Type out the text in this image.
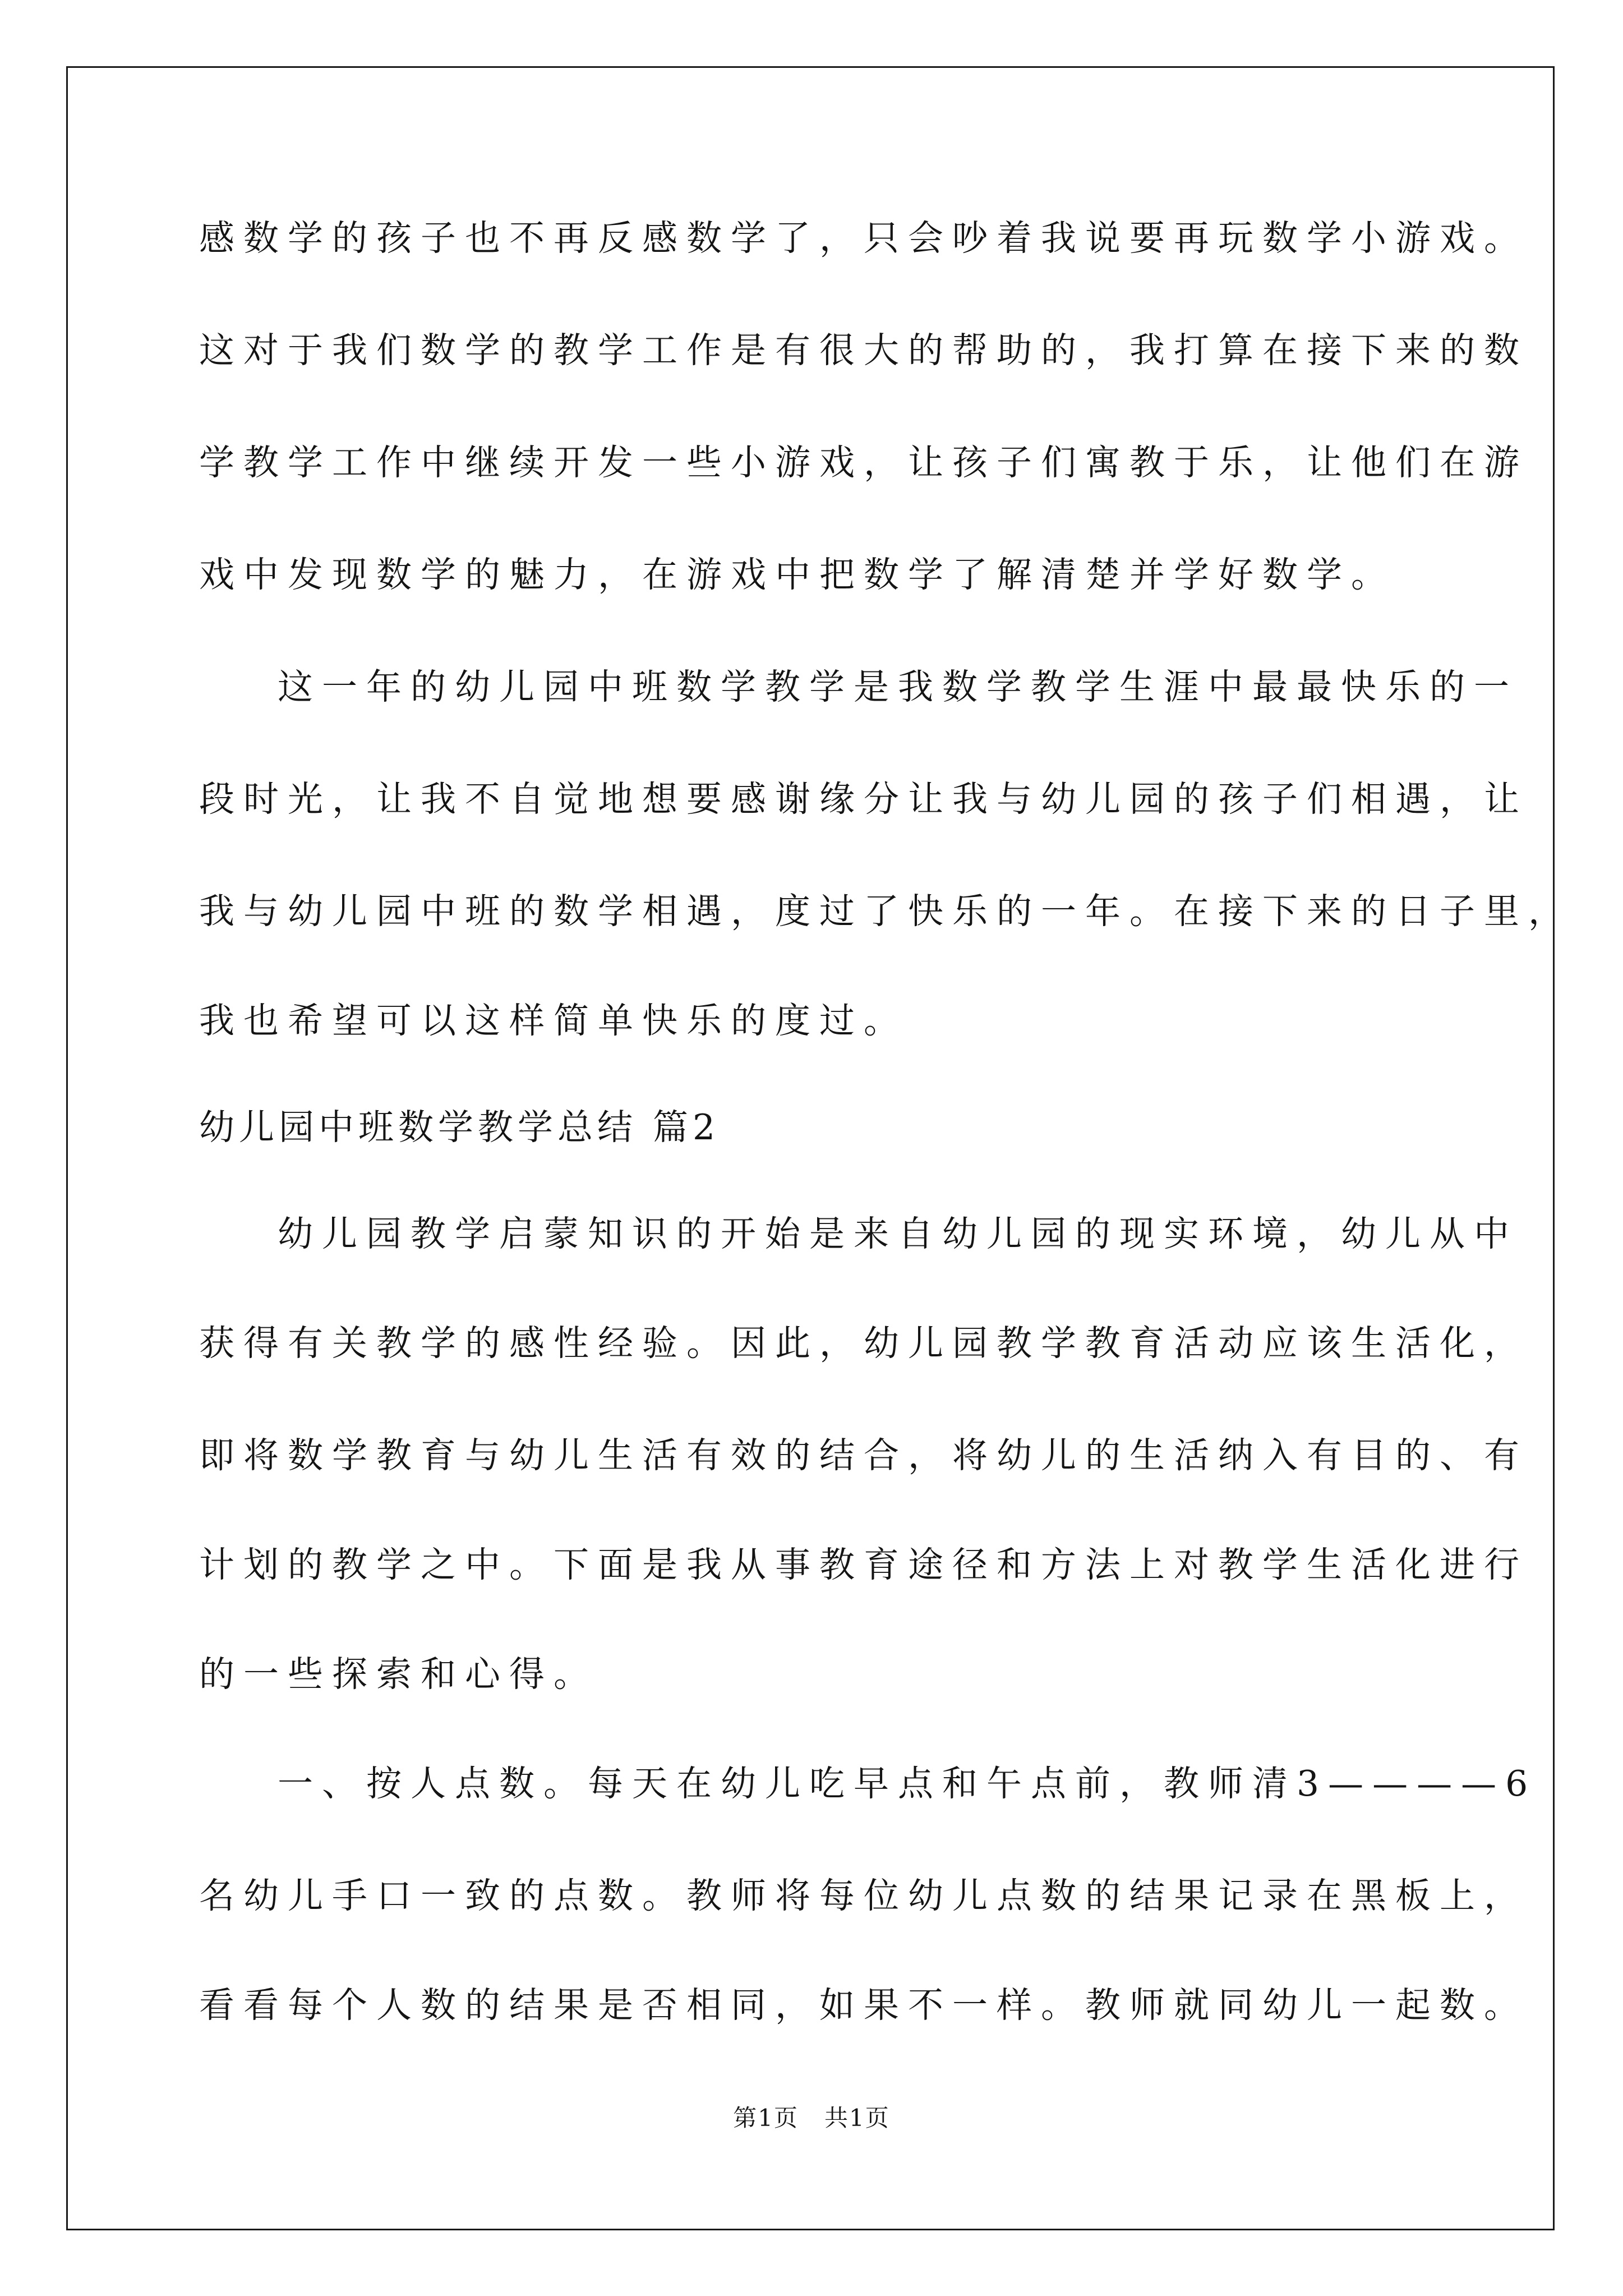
感数学的孩子也不再反感数学了，只会吵着我说要再玩数学小游戏。
这对于我们数学的教学工作是有很大的帮助的，我打算在接下来的数
学教学工作中继续开发一些小游戏，让孩子们寓教于乐，让他们在游
戏中发现数学的魅力，在游戏中把数学了解清楚并学好数学。
这一年的幼儿园中班数学教学是我数学教学生涯中最最快乐的一
段时光，让我不自觉地想要感谢缘分让我与幼儿园的孩子们相遇，让
我与幼儿园中班的数学相遇，度过了快乐的一年。在接下来的日子里，
我也希望可以这样简单快乐的度过。
幼儿园中班数学教学总结 篇2
幼儿园教学启蒙知识的开始是来自幼儿园的现实环境，幼儿从中
获得有关教学的感性经验。因此，幼儿园教学教育活动应该生活化，
即将数学教育与幼儿生活有效的结合，将幼儿的生活纳入有目的、有
计划的教学之中。下面是我从事教育途径和方法上对教学生活化进行
的一些探索和心得。
一、按人点数。每天在幼儿吃早点和午点前，教师清3————6
名幼儿手口一致的点数。教师将每位幼儿点数的结果记录在黑板上，
看看每个人数的结果是否相同，如果不一样。教师就同幼儿一起数。
第1页   共1页
